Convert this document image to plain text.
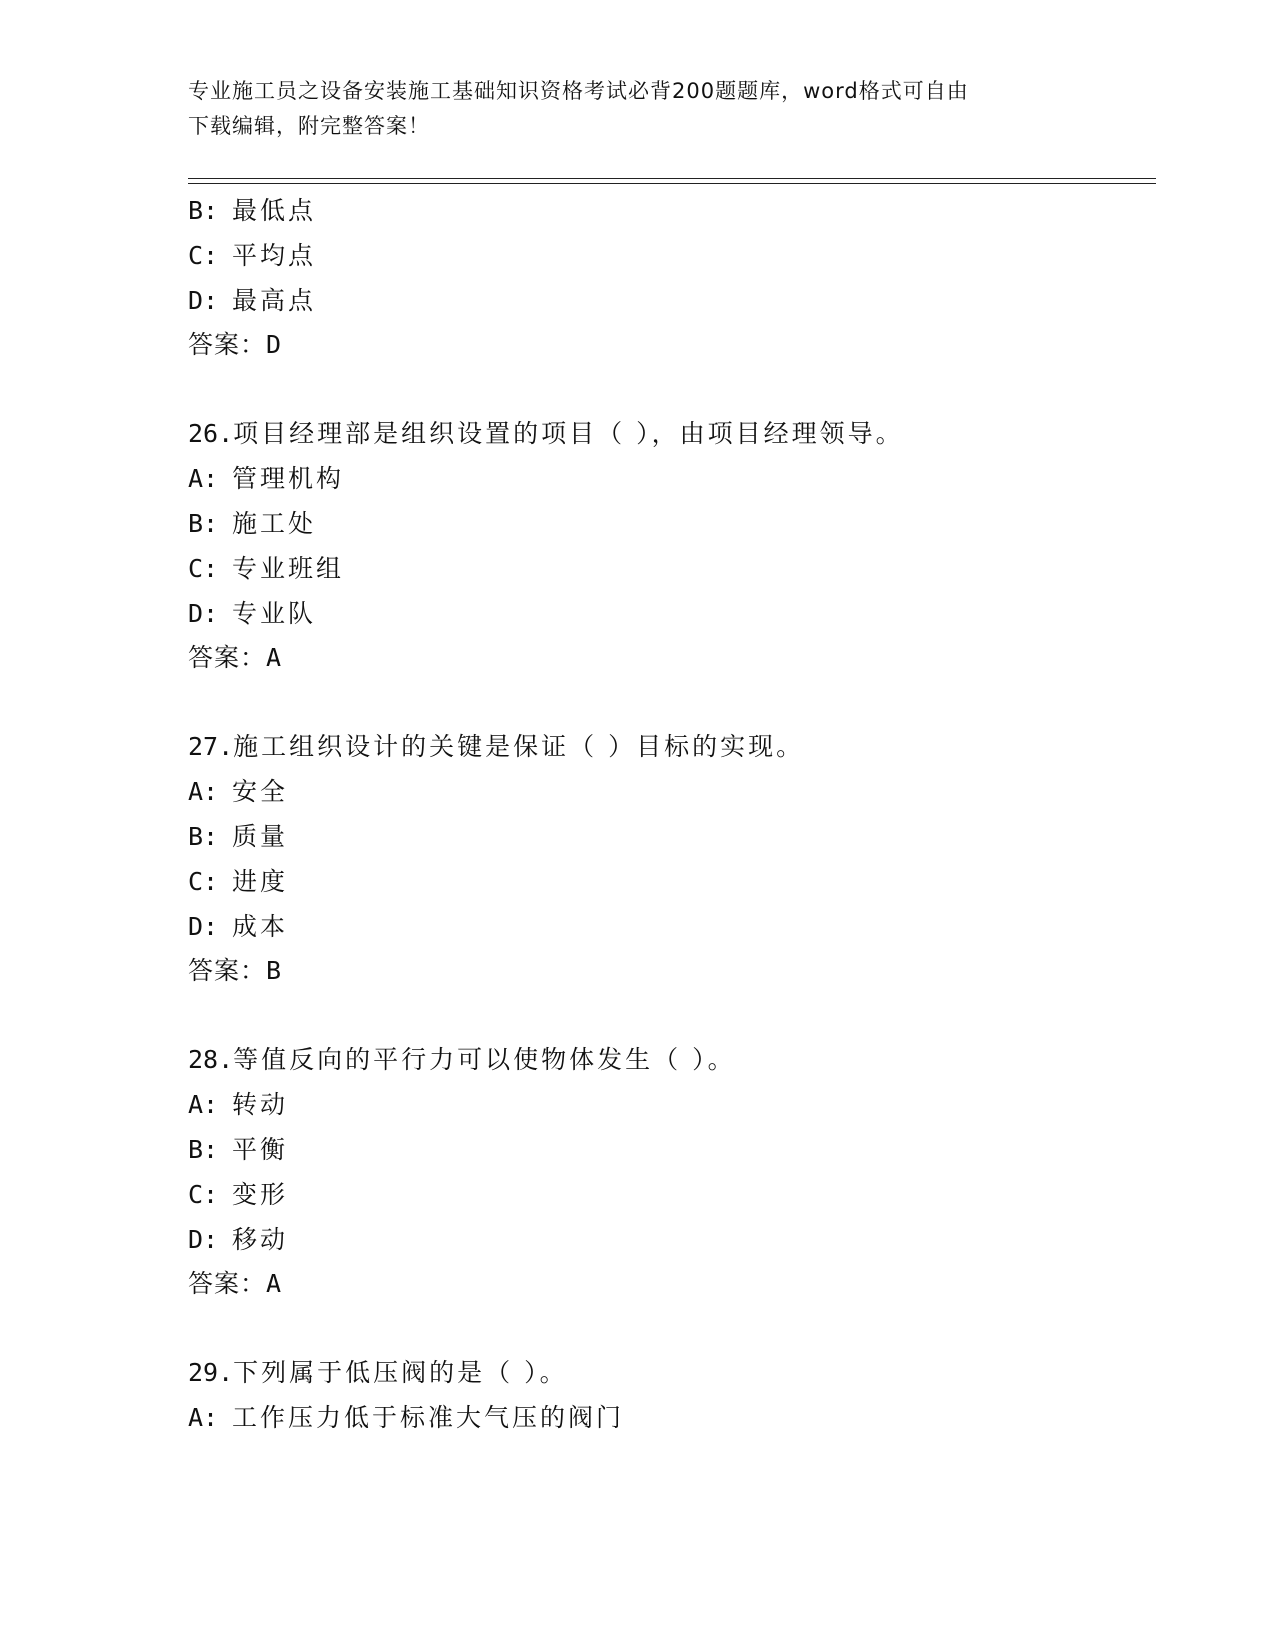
专业施工员之设备安装施工基础知识资格考试必背200题题库，word格式可自由
下载编辑，附完整答案！
B: 最低点
C: 平均点
D: 最高点
答案：D
26.项目经理部是组织设置的项目（ ），由项目经理领导。
A: 管理机构
B: 施工处
C: 专业班组
D: 专业队
答案：A
27.施工组织设计的关键是保证（ ）目标的实现。
A: 安全
B: 质量
C: 进度
D: 成本
答案：B
28.等值反向的平行力可以使物体发生（ ）。
A: 转动
B: 平衡
C: 变形
D: 移动
答案：A
29.下列属于低压阀的是（ ）。
A: 工作压力低于标准大气压的阀门
